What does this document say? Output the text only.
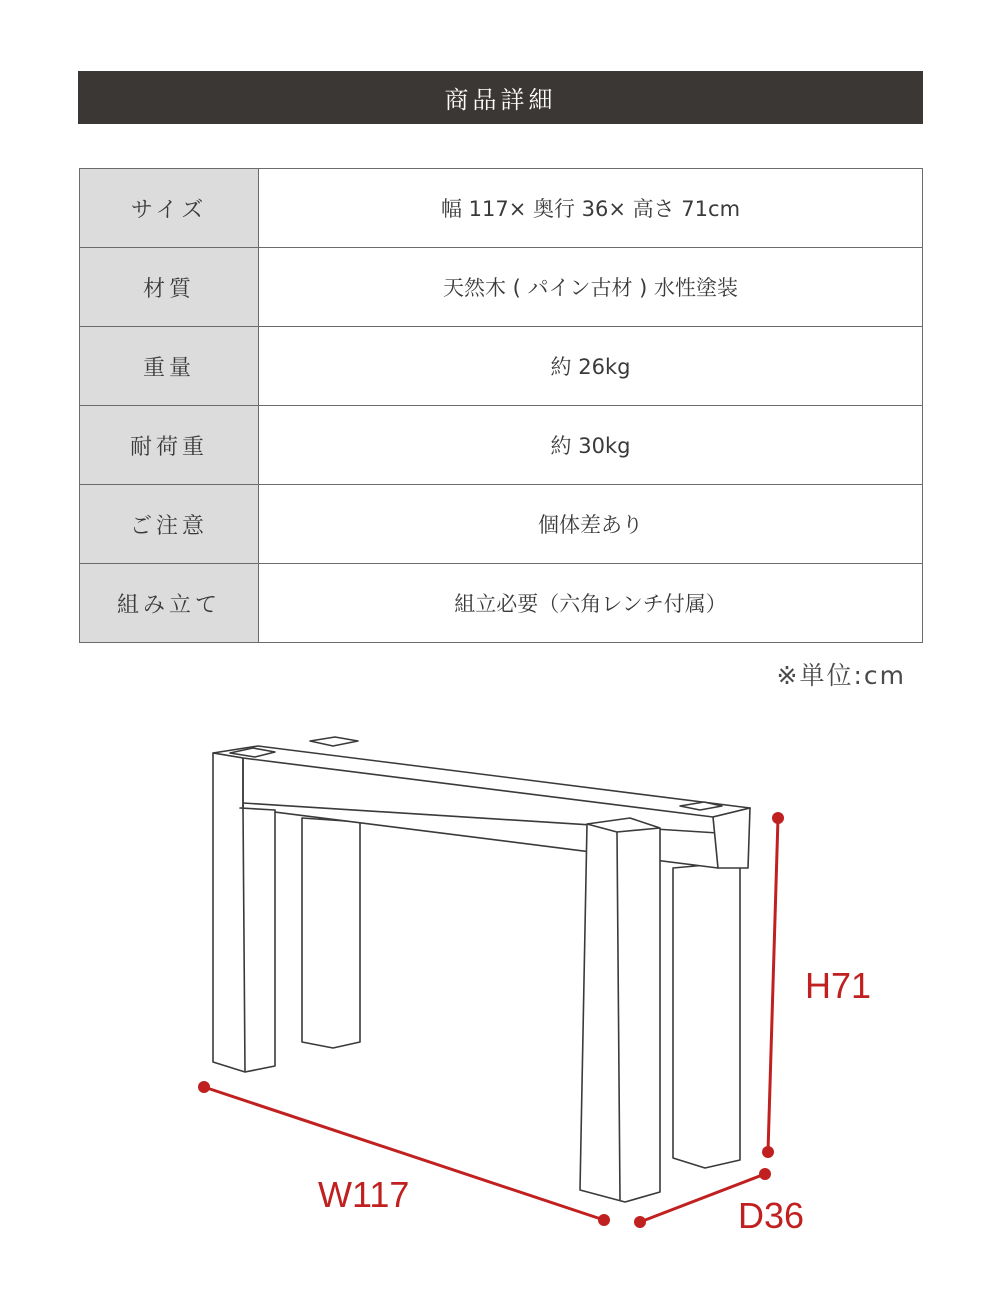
商品詳細
サイズ	幅 117× 奥行 36× 高さ 71cm
材質	天然木 ( パイン古材 ) 水性塗装
重量	約 26kg
耐荷重	約 30kg
ご注意	個体差あり
組み立て	組立必要（六角レンチ付属）
※単位:cm
W117
D36
H71
